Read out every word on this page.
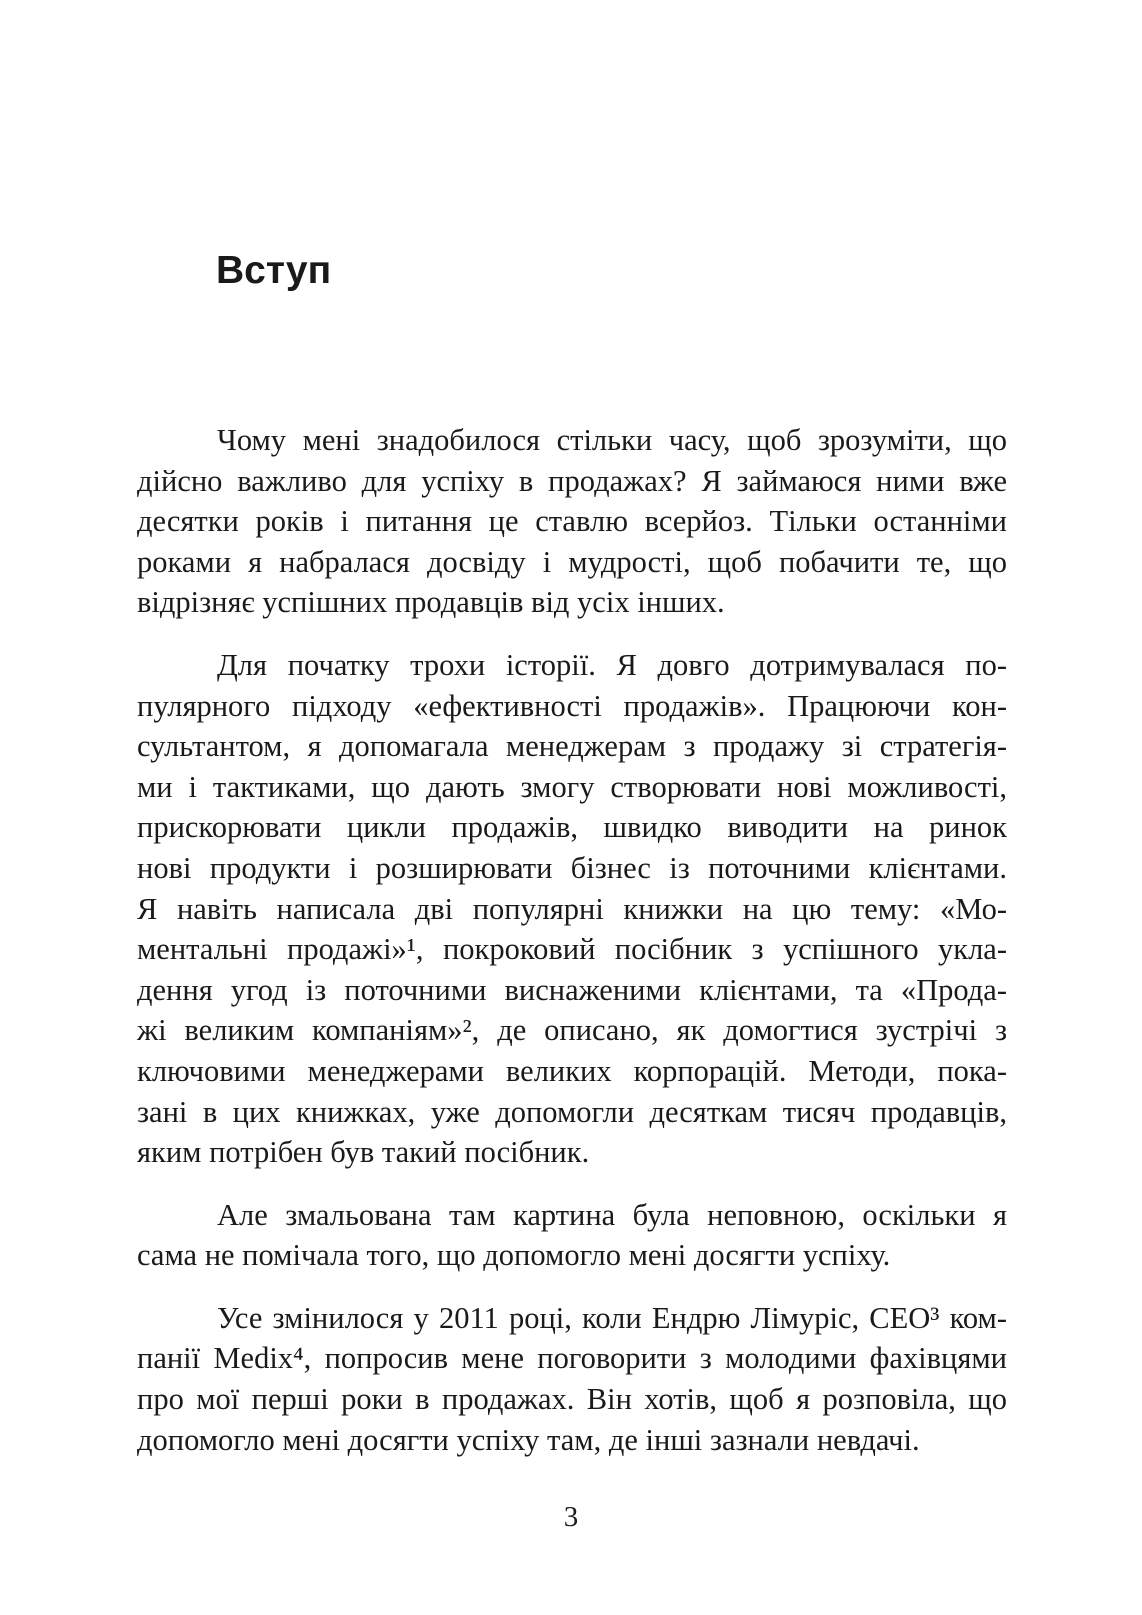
Вступ

Чому мені знадобилося стільки часу, щоб зрозуміти, що
дійсно важливо для успіху в продажах? Я займаюся ними вже
десятки років і питання це ставлю всерйоз. Тільки останніми
роками я набралася досвіду і мудрості, щоб побачити те, що
відрізняє успішних продавців від усіх інших.

Для початку трохи історії. Я довго дотримувалася по-
пулярного підходу «ефективності продажів». Працюючи кон-
сультантом, я допомагала менеджерам з продажу зі стратегія-
ми і тактиками, що дають змогу створювати нові можливості,
прискорювати цикли продажів, швидко виводити на ринок
нові продукти і розширювати бізнес із поточними клієнтами.
Я навіть написала дві популярні книжки на цю тему: «Мо-
ментальні продажі»¹, покроковий посібник з успішного укла-
дення угод із поточними виснаженими клієнтами, та «Прода-
жі великим компаніям»², де описано, як домогтися зустрічі з
ключовими менеджерами великих корпорацій. Методи, пока-
зані в цих книжках, уже допомогли десяткам тисяч продавців,
яким потрібен був такий посібник.

Але змальована там картина була неповною, оскільки я
сама не помічала того, що допомогло мені досягти успіху.

Усе змінилося у 2011 році, коли Ендрю Лімуріс, CEO³ ком-
панії Medix⁴, попросив мене поговорити з молодими фахівцями
про мої перші роки в продажах. Він хотів, щоб я розповіла, що
допомогло мені досягти успіху там, де інші зазнали невдачі.

3
